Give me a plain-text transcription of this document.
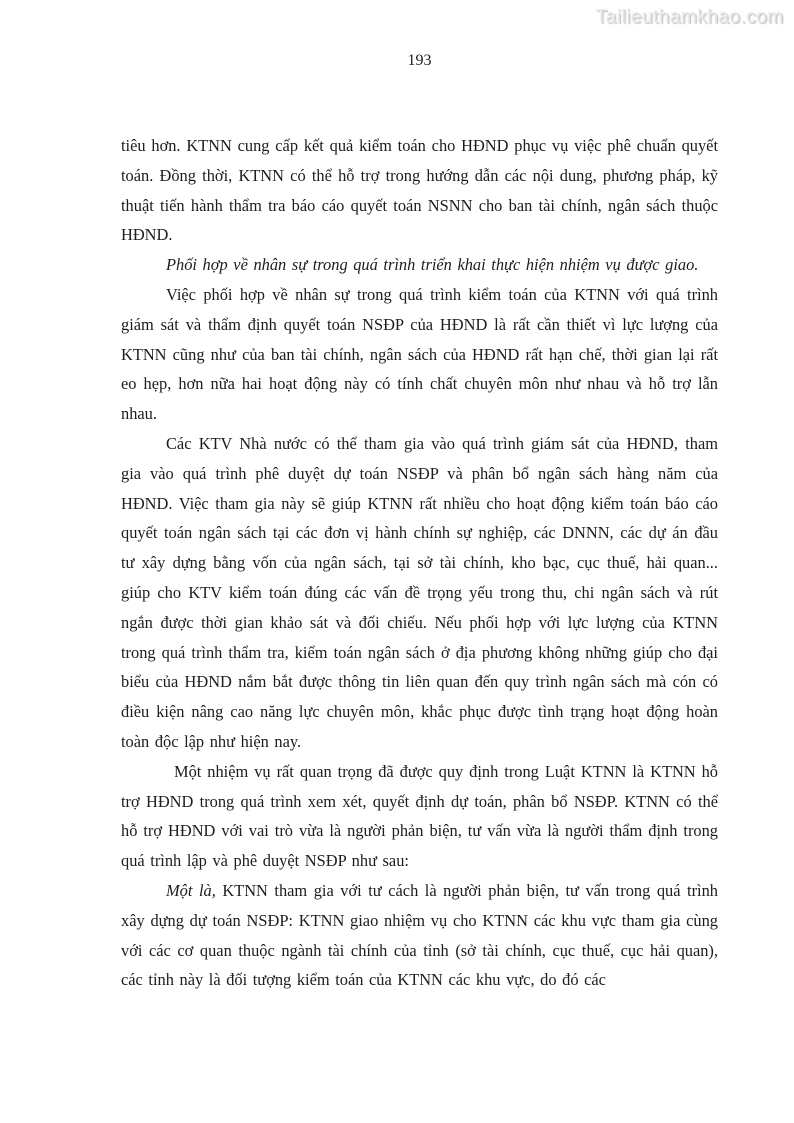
Tailieuthamkhao.com
193

tiêu hơn. KTNN cung cấp kết quả kiểm toán cho HĐND phục vụ việc phê chuẩn quyết toán. Đồng thời, KTNN có thể hỗ trợ trong hướng dẫn các nội dung, phương pháp, kỹ thuật tiến hành thẩm tra báo cáo quyết toán NSNN cho ban tài chính, ngân sách thuộc HĐND.

Phối hợp về nhân sự trong quá trình triển khai thực hiện nhiệm vụ được giao.

Việc phối hợp về nhân sự trong quá trình kiểm toán của KTNN với quá trình giám sát và thẩm định quyết toán NSĐP của HĐND là rất cần thiết vì lực lượng của KTNN cũng như của ban tài chính, ngân sách của HĐND rất hạn chế, thời gian lại rất eo hẹp, hơn nữa hai hoạt động này có tính chất chuyên môn như nhau và hỗ trợ lẫn nhau.

Các KTV Nhà nước có thể tham gia vào quá trình giám sát của HĐND, tham gia vào quá trình phê duyệt dự toán NSĐP và phân bổ ngân sách hàng năm của HĐND. Việc tham gia này sẽ giúp KTNN rất nhiều cho hoạt động kiểm toán báo cáo quyết toán ngân sách tại các đơn vị hành chính sự nghiệp, các DNNN, các dự án đầu tư xây dựng bằng vốn của ngân sách, tại sở tài chính, kho bạc, cục thuế, hải quan... giúp cho KTV kiểm toán đúng các vấn đề trọng yếu trong thu, chi ngân sách và rút ngắn được thời gian khảo sát và đối chiếu. Nếu phối hợp với lực lượng của KTNN trong quá trình thẩm tra, kiểm toán ngân sách ở địa phương không những giúp cho đại biểu của HĐND nắm bắt được thông tin liên quan đến quy trình ngân sách mà cón có điều kiện nâng cao năng lực chuyên môn, khắc phục được tình trạng hoạt động hoàn toàn độc lập như hiện nay.

Một nhiệm vụ rất quan trọng đã được quy định trong Luật KTNN là KTNN hỗ trợ HĐND trong quá trình xem xét, quyết định dự toán, phân bổ NSĐP. KTNN có thể hỗ trợ HĐND với vai trò vừa là người phản biện, tư vấn vừa là người thẩm định trong quá trình lập và phê duyệt NSĐP như sau:

Một là, KTNN tham gia với tư cách là người phản biện, tư vấn trong quá trình xây dựng dự toán NSĐP: KTNN giao nhiệm vụ cho KTNN các khu vực tham gia cùng với các cơ quan thuộc ngành tài chính của tỉnh (sở tài chính, cục thuế, cục hải quan), các tỉnh này là đối tượng kiểm toán của KTNN các khu vực, do đó các
